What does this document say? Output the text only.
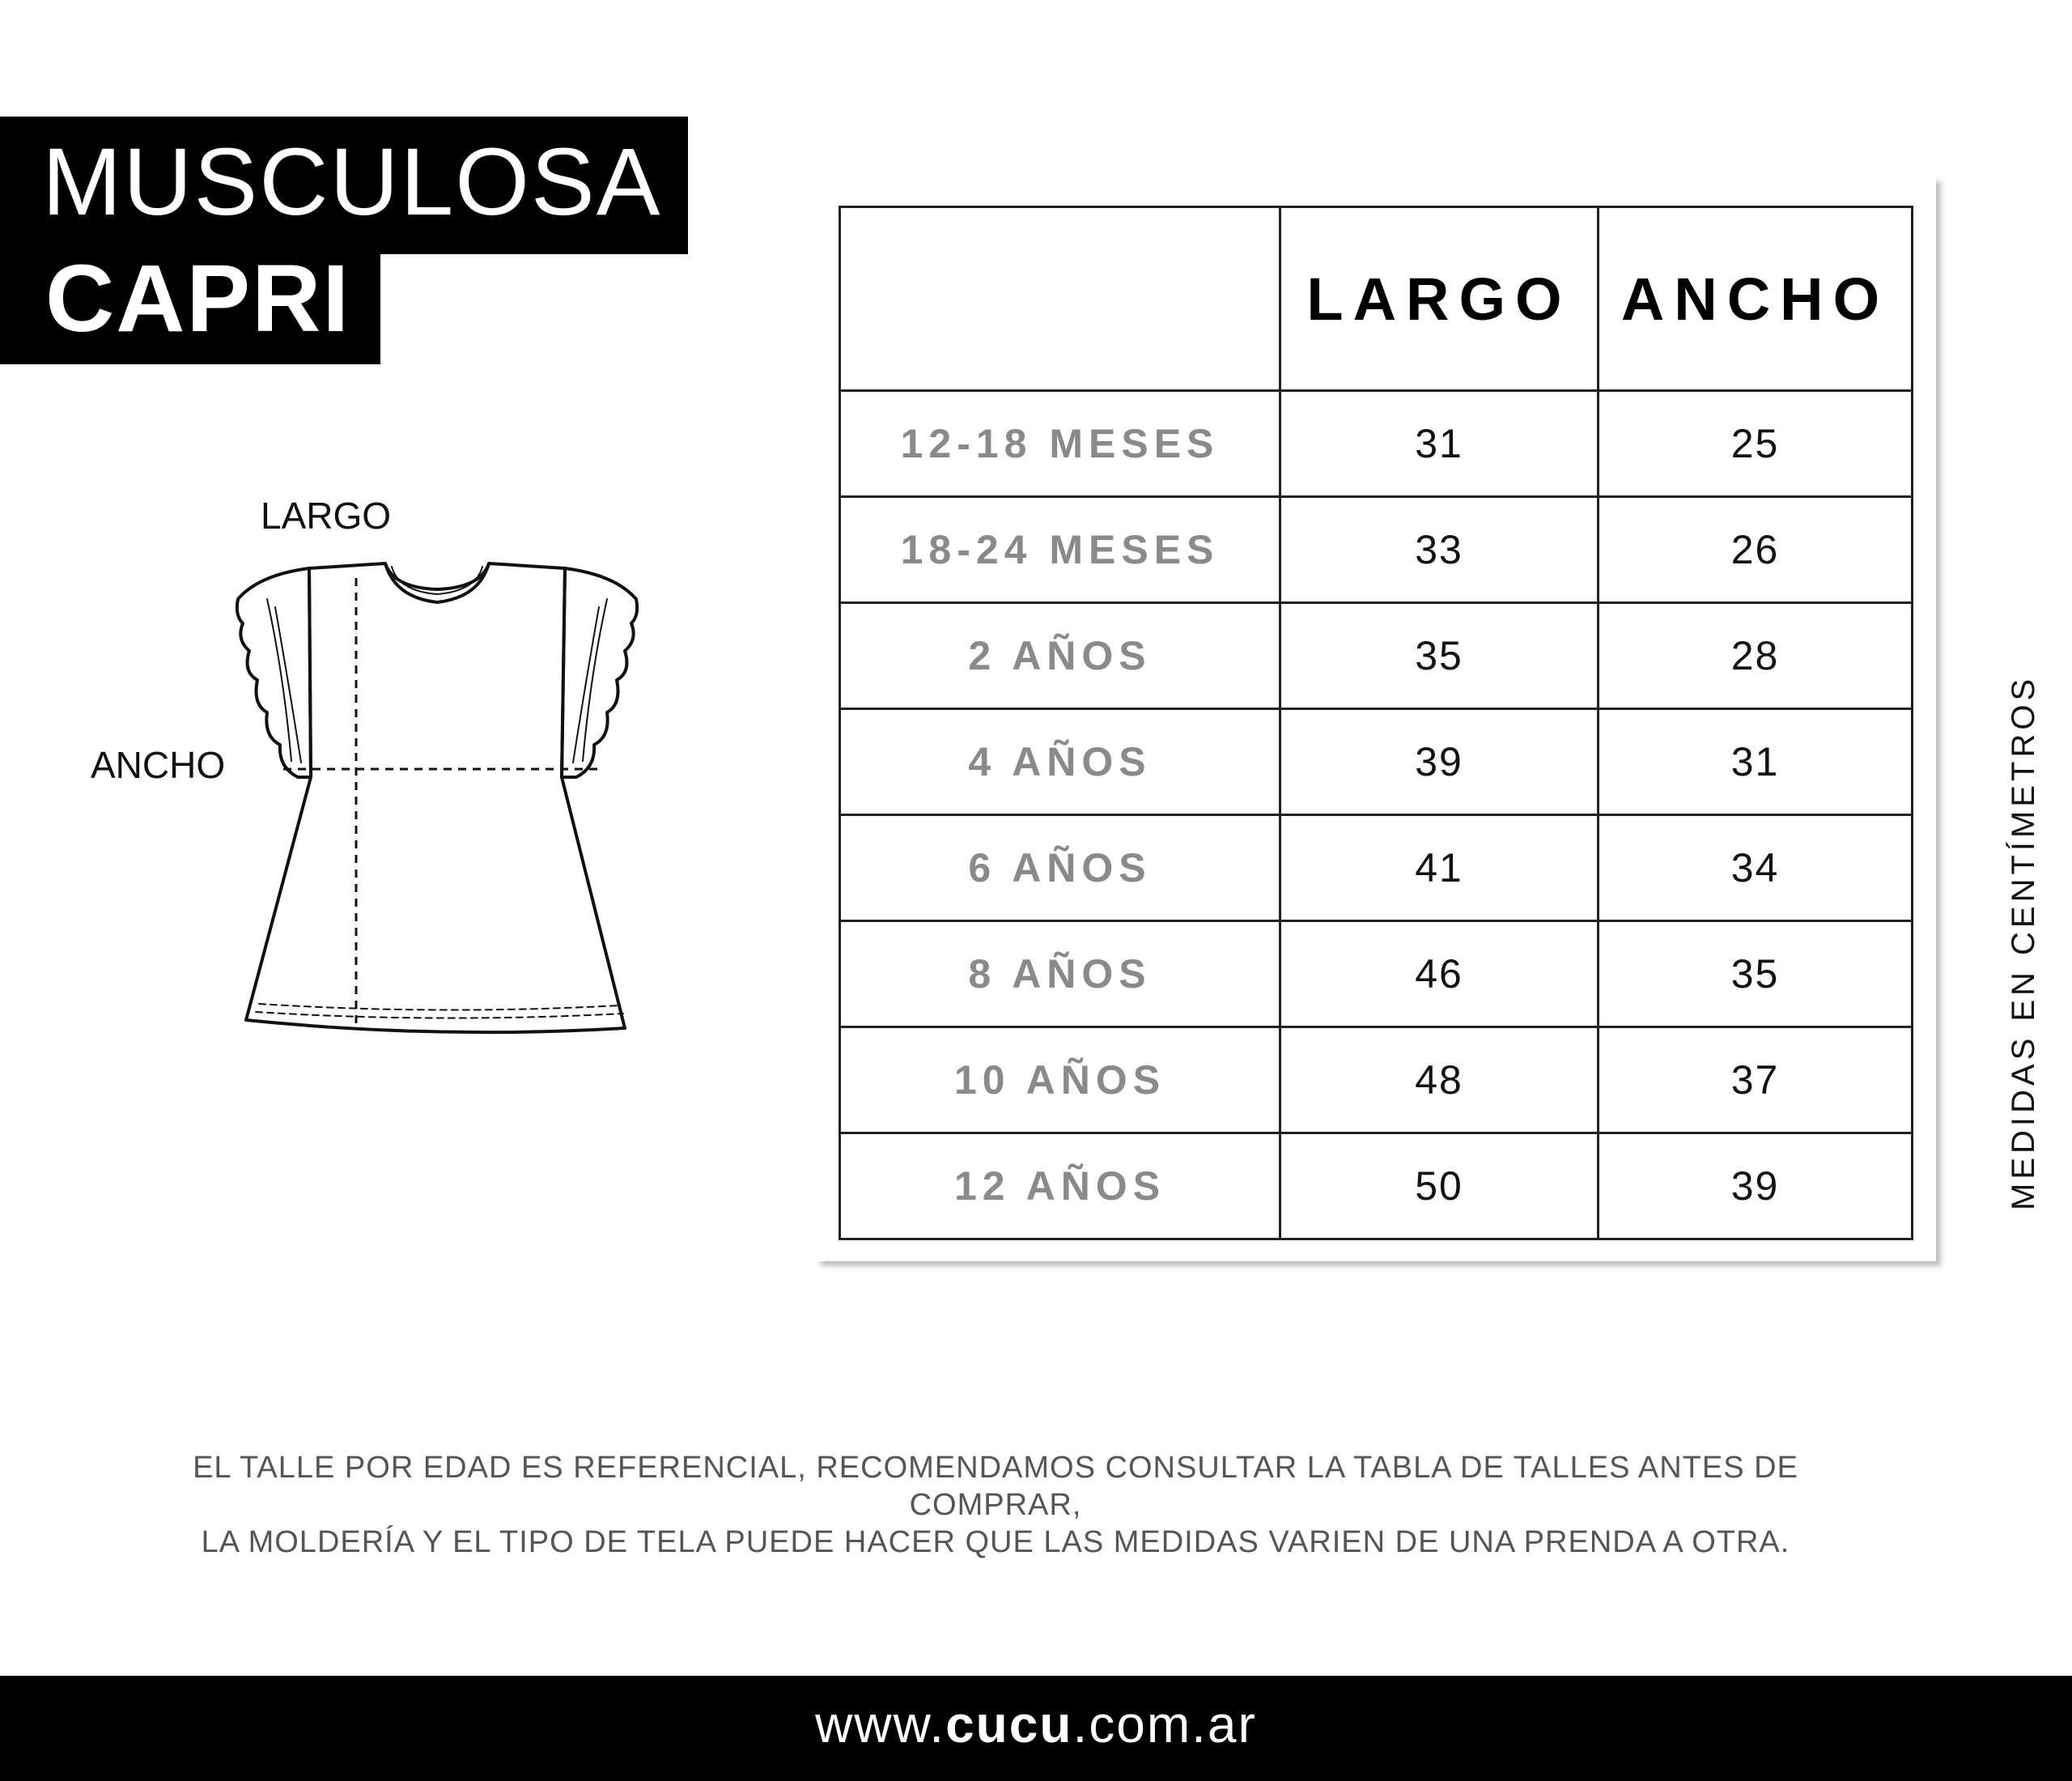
MUSCULOSA
CAPRI
LARGO
ANCHO
	LARGO	ANCHO
12-18 MESES	31	25
18-24 MESES	33	26
2 AÑOS	35	28
4 AÑOS	39	31
6 AÑOS	41	34
8 AÑOS	46	35
10 AÑOS	48	37
12 AÑOS	50	39	MEDIDAS EN CENTÍMETROS
EL TALLE POR EDAD ES REFERENCIAL, RECOMENDAMOS CONSULTAR LA TABLA DE TALLES ANTES DE COMPRAR,
LA MOLDERÍA Y EL TIPO DE TELA PUEDE HACER QUE LAS MEDIDAS VARIEN DE UNA PRENDA A OTRA.
www.cucu.com.ar
